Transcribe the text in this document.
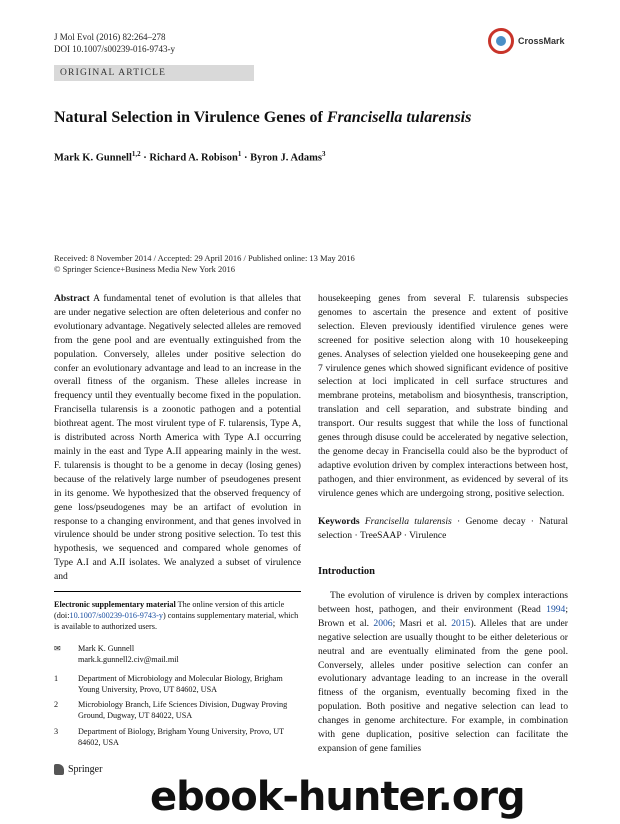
J Mol Evol (2016) 82:264–278
DOI 10.1007/s00239-016-9743-y
CrossMark
ORIGINAL ARTICLE
Natural Selection in Virulence Genes of Francisella tularensis
Mark K. Gunnell$^{1,2}$ · Richard A. Robison$^1$ · Byron J. Adams$^3$
Received: 8 November 2014 / Accepted: 29 April 2016 / Published online: 13 May 2016
© Springer Science+Business Media New York 2016

Abstract A fundamental tenet of evolution is that alleles that are under negative selection are often deleterious and confer no evolutionary advantage. Negatively selected alleles are removed from the gene pool and are eventually extinguished from the population. Conversely, alleles under positive selection do confer an evolutionary advantage and lead to an increase in the overall fitness of the organism. These alleles increase in frequency until they eventually become fixed in the population. Francisella tularensis is a zoonotic pathogen and a potential biothreat agent. The most virulent type of F. tularensis, Type A, is distributed across North America with Type A.I occurring mainly in the east and Type A.II appearing mainly in the west. F. tularensis is thought to be a genome in decay (losing genes) because of the relatively large number of pseudogenes present in its genome. We hypothesized that the observed frequency of gene loss/pseudogenes may be an artifact of evolution in response to a changing environment, and that genes involved in virulence should be under strong positive selection. To test this hypothesis, we sequenced and compared whole genomes of Type A.I and A.II isolates. We analyzed a subset of virulence and

housekeeping genes from several F. tularensis subspecies genomes to ascertain the presence and extent of positive selection. Eleven previously identified virulence genes were screened for positive selection along with 10 housekeeping genes. Analyses of selection yielded one housekeeping gene and 7 virulence genes which showed significant evidence of positive selection at loci implicated in cell surface structures and membrane proteins, metabolism and biosynthesis, transcription, translation and cell separation, and substrate binding and transport. Our results suggest that while the loss of functional genes through disuse could be accelerated by negative selection, the genome decay in Francisella could also be the byproduct of adaptive evolution driven by complex interactions between host, pathogen, and thier environment, as evidenced by several of its virulence genes which are undergoing strong, positive selection.

Keywords Francisella tularensis · Genome decay · Natural selection · TreeSAAP · Virulence

Introduction

The evolution of virulence is driven by complex interactions between host, pathogen, and their environment (Read 1994; Brown et al. 2006; Masri et al. 2015). Alleles that are under negative selection are usually thought to be either deleterious or neutral and are eventually eliminated from the gene pool. Conversely, alleles under positive selection can confer an evolutionary advantage leading to an increase in the overall fitness of the organism, eventually becoming fixed in the population. Both positive and negative selection can lead to changes in genome architecture. For example, in combination with gene duplication, positive selection can facilitate the expansion of gene families

Electronic supplementary material The online version of this article (doi:10.1007/s00239-016-9743-y) contains supplementary material, which is available to authorized users.
✉ Mark K. Gunnell
mark.k.gunnell2.civ@mail.mil
1 Department of Microbiology and Molecular Biology, Brigham Young University, Provo, UT 84602, USA
2 Microbiology Branch, Life Sciences Division, Dugway Proving Ground, Dugway, UT 84022, USA
3 Department of Biology, Brigham Young University, Provo, UT 84602, USA
Springer
ebook-hunter.org
